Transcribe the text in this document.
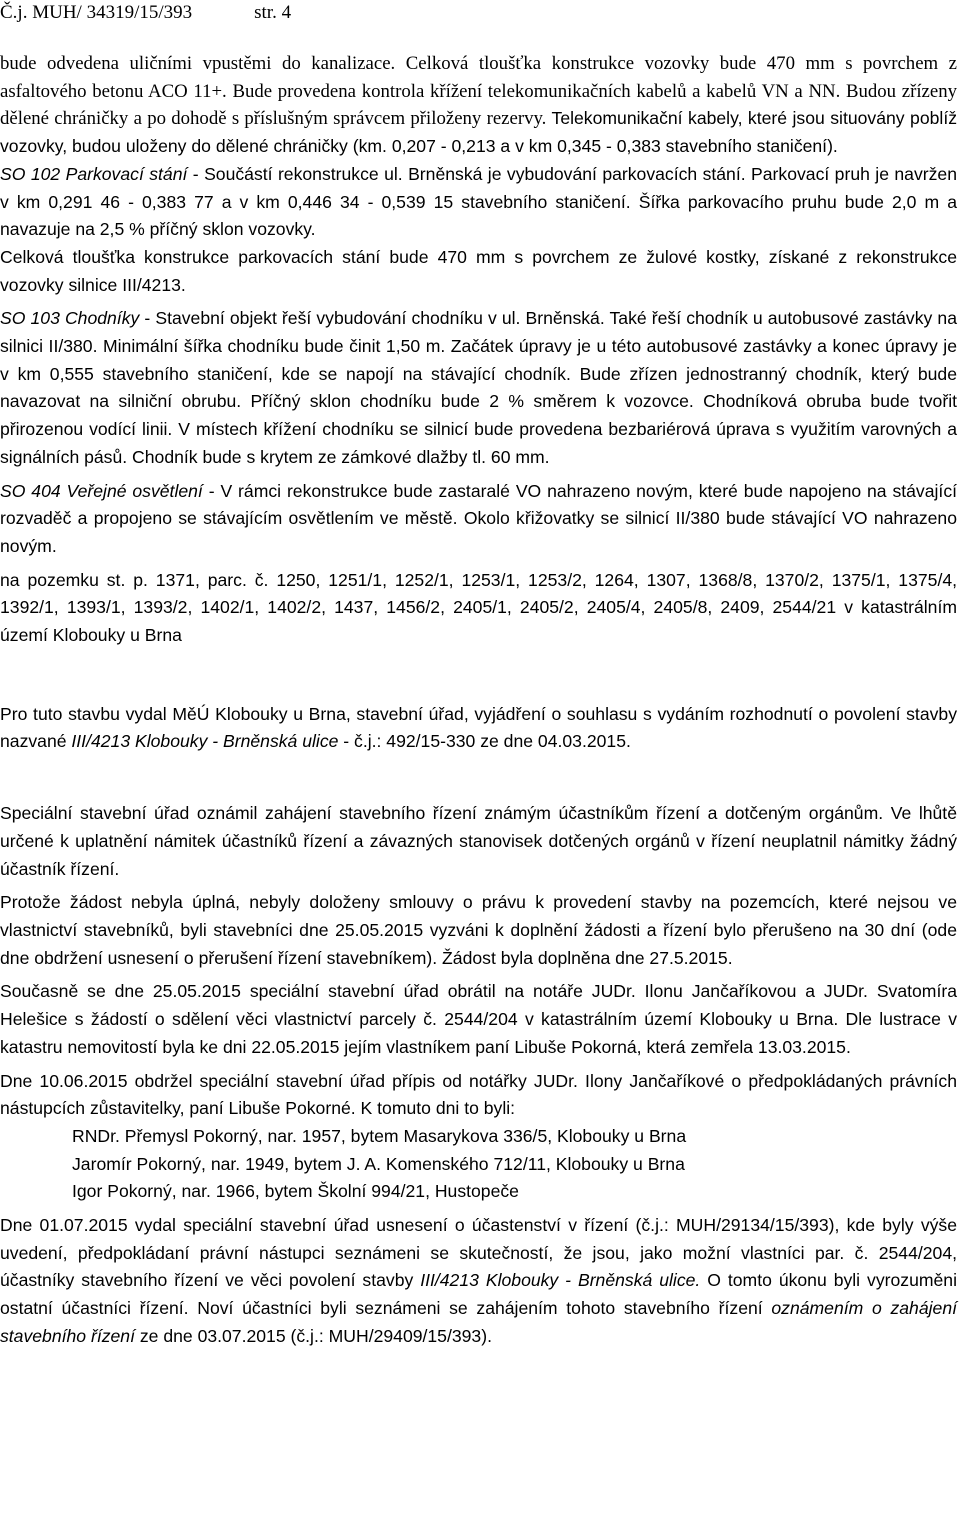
Č.j. MUH/ 34319/15/393	str. 4

bude odvedena uličními vpustěmi do kanalizace. Celková tloušťka konstrukce vozovky bude 470 mm s povrchem z asfaltového betonu ACO 11+. Bude provedena kontrola křížení telekomunikačních kabelů a kabelů VN a NN. Budou zřízeny dělené chráničky a po dohodě s příslušným správcem přiloženy rezervy. Telekomunikační kabely, které jsou situovány poblíž vozovky, budou uloženy do dělené chráničky (km. 0,207 - 0,213 a v km 0,345 - 0,383 stavebního staničení).

SO 102 Parkovací stání - Součástí rekonstrukce ul. Brněnská je vybudování parkovacích stání. Parkovací pruh je navržen v km 0,291 46 - 0,383 77 a v km 0,446 34 - 0,539 15 stavebního staničení. Šířka parkovacího pruhu bude 2,0 m a navazuje na 2,5 % příčný sklon vozovky.

Celková tloušťka konstrukce parkovacích stání bude 470 mm s povrchem ze žulové kostky, získané z rekonstrukce vozovky silnice III/4213.

SO 103 Chodníky - Stavební objekt řeší vybudování chodníku v ul. Brněnská. Také řeší chodník u autobusové zastávky na silnici II/380. Minimální šířka chodníku bude činit 1,50 m. Začátek úpravy je u této autobusové zastávky a konec úpravy je v km 0,555 stavebního staničení, kde se napojí na stávající chodník. Bude zřízen jednostranný chodník, který bude navazovat na silniční obrubu. Příčný sklon chodníku bude 2 % směrem k vozovce. Chodníková obruba bude tvořit přirozenou vodící linii. V místech křížení chodníku se silnicí bude provedena bezbariérová úprava s využitím varovných a signálních pásů. Chodník bude s krytem ze zámkové dlažby tl. 60 mm.

SO 404 Veřejné osvětlení - V rámci rekonstrukce bude zastaralé VO nahrazeno novým, které bude napojeno na stávající rozvaděč a propojeno se stávajícím osvětlením ve městě. Okolo křižovatky se silnicí II/380 bude stávající VO nahrazeno novým.

na pozemku st. p. 1371, parc. č. 1250, 1251/1, 1252/1, 1253/1, 1253/2, 1264, 1307, 1368/8, 1370/2, 1375/1, 1375/4, 1392/1, 1393/1, 1393/2, 1402/1, 1402/2, 1437, 1456/2, 2405/1, 2405/2, 2405/4, 2405/8, 2409, 2544/21 v katastrálním území Klobouky u Brna

Pro tuto stavbu vydal MěÚ Klobouky u Brna, stavební úřad, vyjádření o souhlasu s vydáním rozhodnutí o povolení stavby nazvané III/4213 Klobouky - Brněnská ulice - č.j.: 492/15-330 ze dne 04.03.2015.

Speciální stavební úřad oznámil zahájení stavebního řízení známým účastníkům řízení a dotčeným orgánům. Ve lhůtě určené k uplatnění námitek účastníků řízení a závazných stanovisek dotčených orgánů v řízení neuplatnil námitky žádný účastník řízení.

Protože žádost nebyla úplná, nebyly doloženy smlouvy o právu k provedení stavby na pozemcích, které nejsou ve vlastnictví stavebníků, byli stavebníci dne 25.05.2015 vyzváni k doplnění žádosti a řízení bylo přerušeno na 30 dní (ode dne obdržení usnesení o přerušení řízení stavebníkem). Žádost byla doplněna dne 27.5.2015.

Současně se dne 25.05.2015 speciální stavební úřad obrátil na notáře JUDr. Ilonu Jančaříkovou a JUDr. Svatomíra Helešice s žádostí o sdělení věci vlastnictví parcely č. 2544/204 v katastrálním území Klobouky u Brna. Dle lustrace v katastru nemovitostí byla ke dni 22.05.2015 jejím vlastníkem paní Libuše Pokorná, která zemřela 13.03.2015.

Dne 10.06.2015 obdržel speciální stavební úřad přípis od notářky JUDr. Ilony Jančaříkové o předpokládaných právních nástupcích zůstavitelky, paní Libuše Pokorné. K tomuto dni to byli:

RNDr. Přemysl Pokorný, nar. 1957, bytem Masarykova 336/5, Klobouky u Brna
Jaromír Pokorný, nar. 1949, bytem J. A. Komenského 712/11, Klobouky u Brna
Igor Pokorný, nar. 1966, bytem Školní 994/21, Hustopeče

Dne 01.07.2015 vydal speciální stavební úřad usnesení o účastenství v řízení (č.j.: MUH/29134/15/393), kde byly výše uvedení, předpokládaní právní nástupci seznámeni se skutečností, že jsou, jako možní vlastníci par. č. 2544/204, účastníky stavebního řízení ve věci povolení stavby III/4213 Klobouky - Brněnská ulice. O tomto úkonu byli vyrozuměni ostatní účastníci řízení. Noví účastníci byli seznámeni se zahájením tohoto stavebního řízení oznámením o zahájení stavebního řízení ze dne 03.07.2015 (č.j.: MUH/29409/15/393).
